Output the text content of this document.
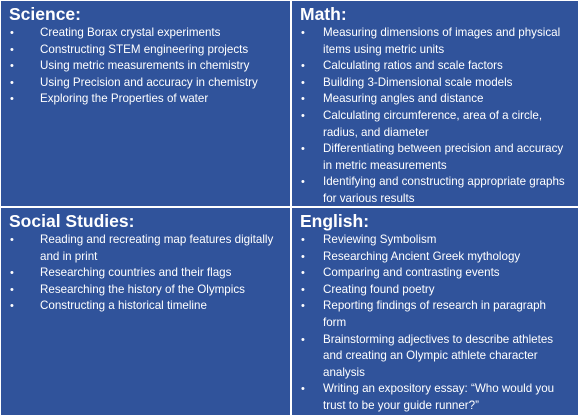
Science:
• Creating Borax crystal experiments
• Constructing STEM engineering projects
• Using metric measurements in chemistry
• Using Precision and accuracy in chemistry
• Exploring the Properties of water
Math:
• Measuring dimensions of images and physical items using metric units
• Calculating ratios and scale factors
• Building 3-Dimensional scale models
• Measuring angles and distance
• Calculating circumference, area of a circle, radius, and diameter
• Differentiating between precision and accuracy in metric measurements
• Identifying and constructing appropriate graphs for various results
Social Studies:
• Reading and recreating map features digitally and in print
• Researching countries and their flags
• Researching the history of the Olympics
• Constructing a historical timeline
English:
• Reviewing Symbolism
• Researching Ancient Greek mythology
• Comparing and contrasting events
• Creating found poetry
• Reporting findings of research in paragraph form
• Brainstorming adjectives to describe athletes and creating an Olympic athlete character analysis
• Writing an expository essay: “Who would you trust to be your guide runner?”
